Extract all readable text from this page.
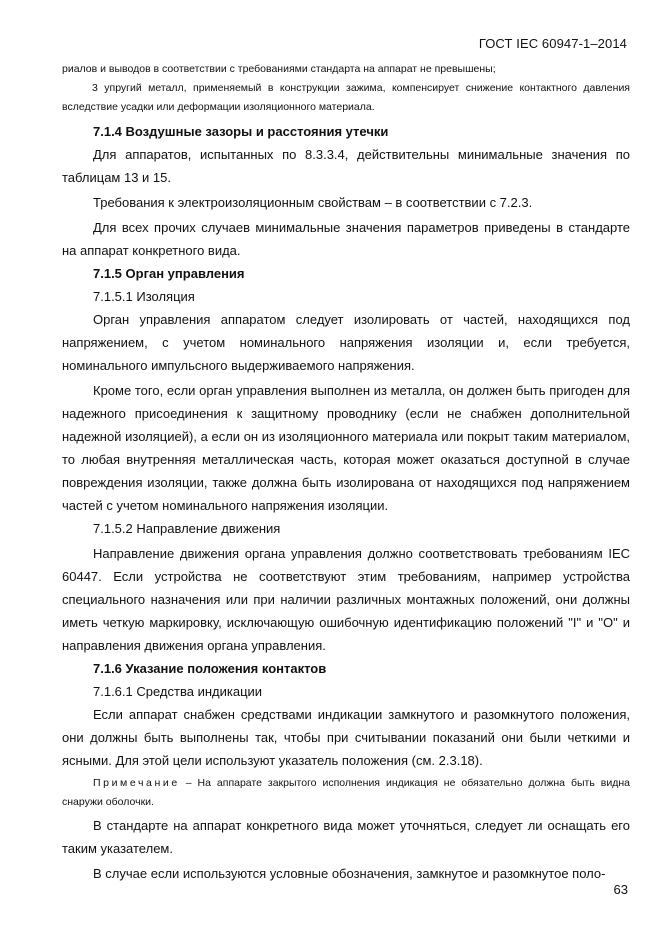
ГОСТ IEC 60947-1–2014

риалов и выводов в соответствии с требованиями стандарта на аппарат не превышены;

3 упругий металл, применяемый в конструкции зажима, компенсирует снижение контактного давления вследствие усадки или деформации изоляционного материала.

7.1.4 Воздушные зазоры и расстояния утечки

Для аппаратов, испытанных по 8.3.3.4, действительны минимальные значения по таблицам 13 и 15.

Требования к электроизоляционным свойствам – в соответствии с 7.2.3.

Для всех прочих случаев минимальные значения параметров приведены в стандарте на аппарат конкретного вида.

7.1.5 Орган управления

7.1.5.1 Изоляция

Орган управления аппаратом следует изолировать от частей, находящихся под напряжением, с учетом номинального напряжения изоляции и, если требуется, номинального импульсного выдерживаемого напряжения.

Кроме того, если орган управления выполнен из металла, он должен быть пригоден для надежного присоединения к защитному проводнику (если не снабжен дополнительной надежной изоляцией), а если он из изоляционного материала или покрыт таким материалом, то любая внутренняя металлическая часть, которая может оказаться доступной в случае повреждения изоляции, также должна быть изолирована от находящихся под напряжением частей с учетом номинального напряжения изоляции.

7.1.5.2 Направление движения

Направление движения органа управления должно соответствовать требованиям IEC 60447. Если устройства не соответствуют этим требованиям, например устройства специального назначения или при наличии различных монтажных положений, они должны иметь четкую маркировку, исключающую ошибочную идентификацию положений "I" и "O" и направления движения органа управления.

7.1.6 Указание положения контактов

7.1.6.1 Средства индикации

Если аппарат снабжен средствами индикации замкнутого и разомкнутого положения, они должны быть выполнены так, чтобы при считывании показаний они были четкими и ясными. Для этой цели используют указатель положения (см. 2.3.18).

Примечание – На аппарате закрытого исполнения индикация не обязательно должна быть видна снаружи оболочки.

В стандарте на аппарат конкретного вида может уточняться, следует ли оснащать его таким указателем.

В случае если используются условные обозначения, замкнутое и разомкнутое поло-

63
